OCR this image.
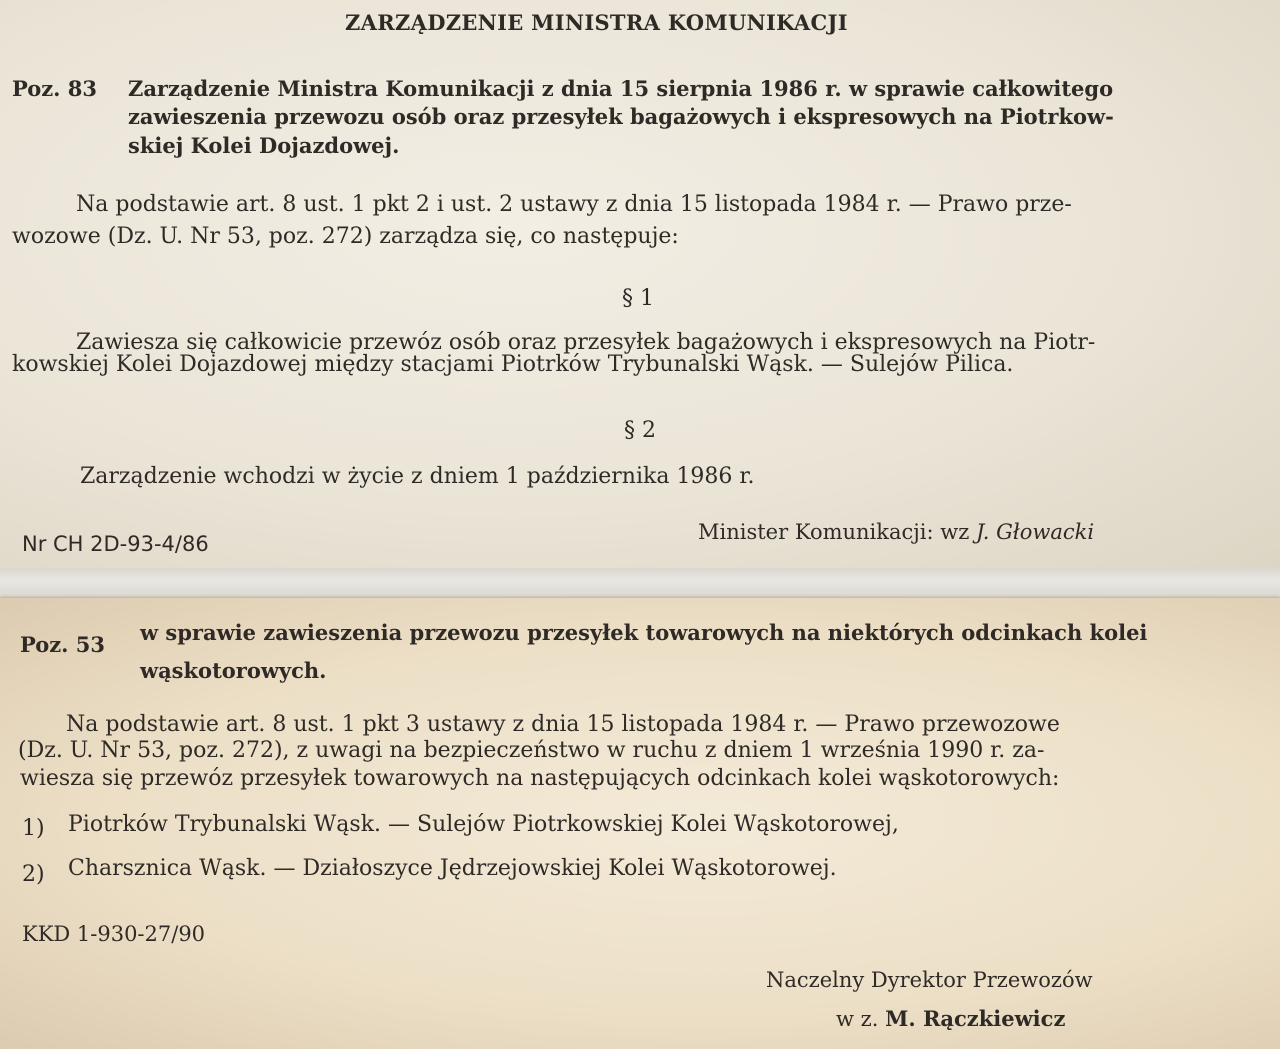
ZARZĄDZENIE MINISTRA KOMUNIKACJI
Poz. 83 Zarządzenie Ministra Komunikacji z dnia 15 sierpnia 1986 r. w sprawie całkowitego
zawieszenia przewozu osób oraz przesyłek bagażowych i ekspresowych na Piotrkow-
skiej Kolei Dojazdowej.
Na podstawie art. 8 ust. 1 pkt 2 i ust. 2 ustawy z dnia 15 listopada 1984 r. — Prawo prze-
wozowe (Dz. U. Nr 53, poz. 272) zarządza się, co następuje:
§ 1
Zawiesza się całkowicie przewóz osób oraz przesyłek bagażowych i ekspresowych na Piotr-
kowskiej Kolei Dojazdowej między stacjami Piotrków Trybunalski Wąsk. — Sulejów Pilica.
§ 2
Zarządzenie wchodzi w życie z dniem 1 października 1986 r.
Nr CH 2D-93-4/86	Minister Komunikacji: wz J. Głowacki
Poz. 53 w sprawie zawieszenia przewozu przesyłek towarowych na niektórych odcinkach kolei
wąskotorowych.
Na podstawie art. 8 ust. 1 pkt 3 ustawy z dnia 15 listopada 1984 r. — Prawo przewozowe
(Dz. U. Nr 53, poz. 272), z uwagi na bezpieczeństwo w ruchu z dniem 1 września 1990 r. za-
wiesza się przewóz przesyłek towarowych na następujących odcinkach kolei wąskotorowych:
1) Piotrków Trybunalski Wąsk. — Sulejów Piotrkowskiej Kolei Wąskotorowej,
2) Charsznica Wąsk. — Działoszyce Jędrzejowskiej Kolei Wąskotorowej.
KKD 1-930-27/90
Naczelny Dyrektor Przewozów
w z. M. Rączkiewicz
